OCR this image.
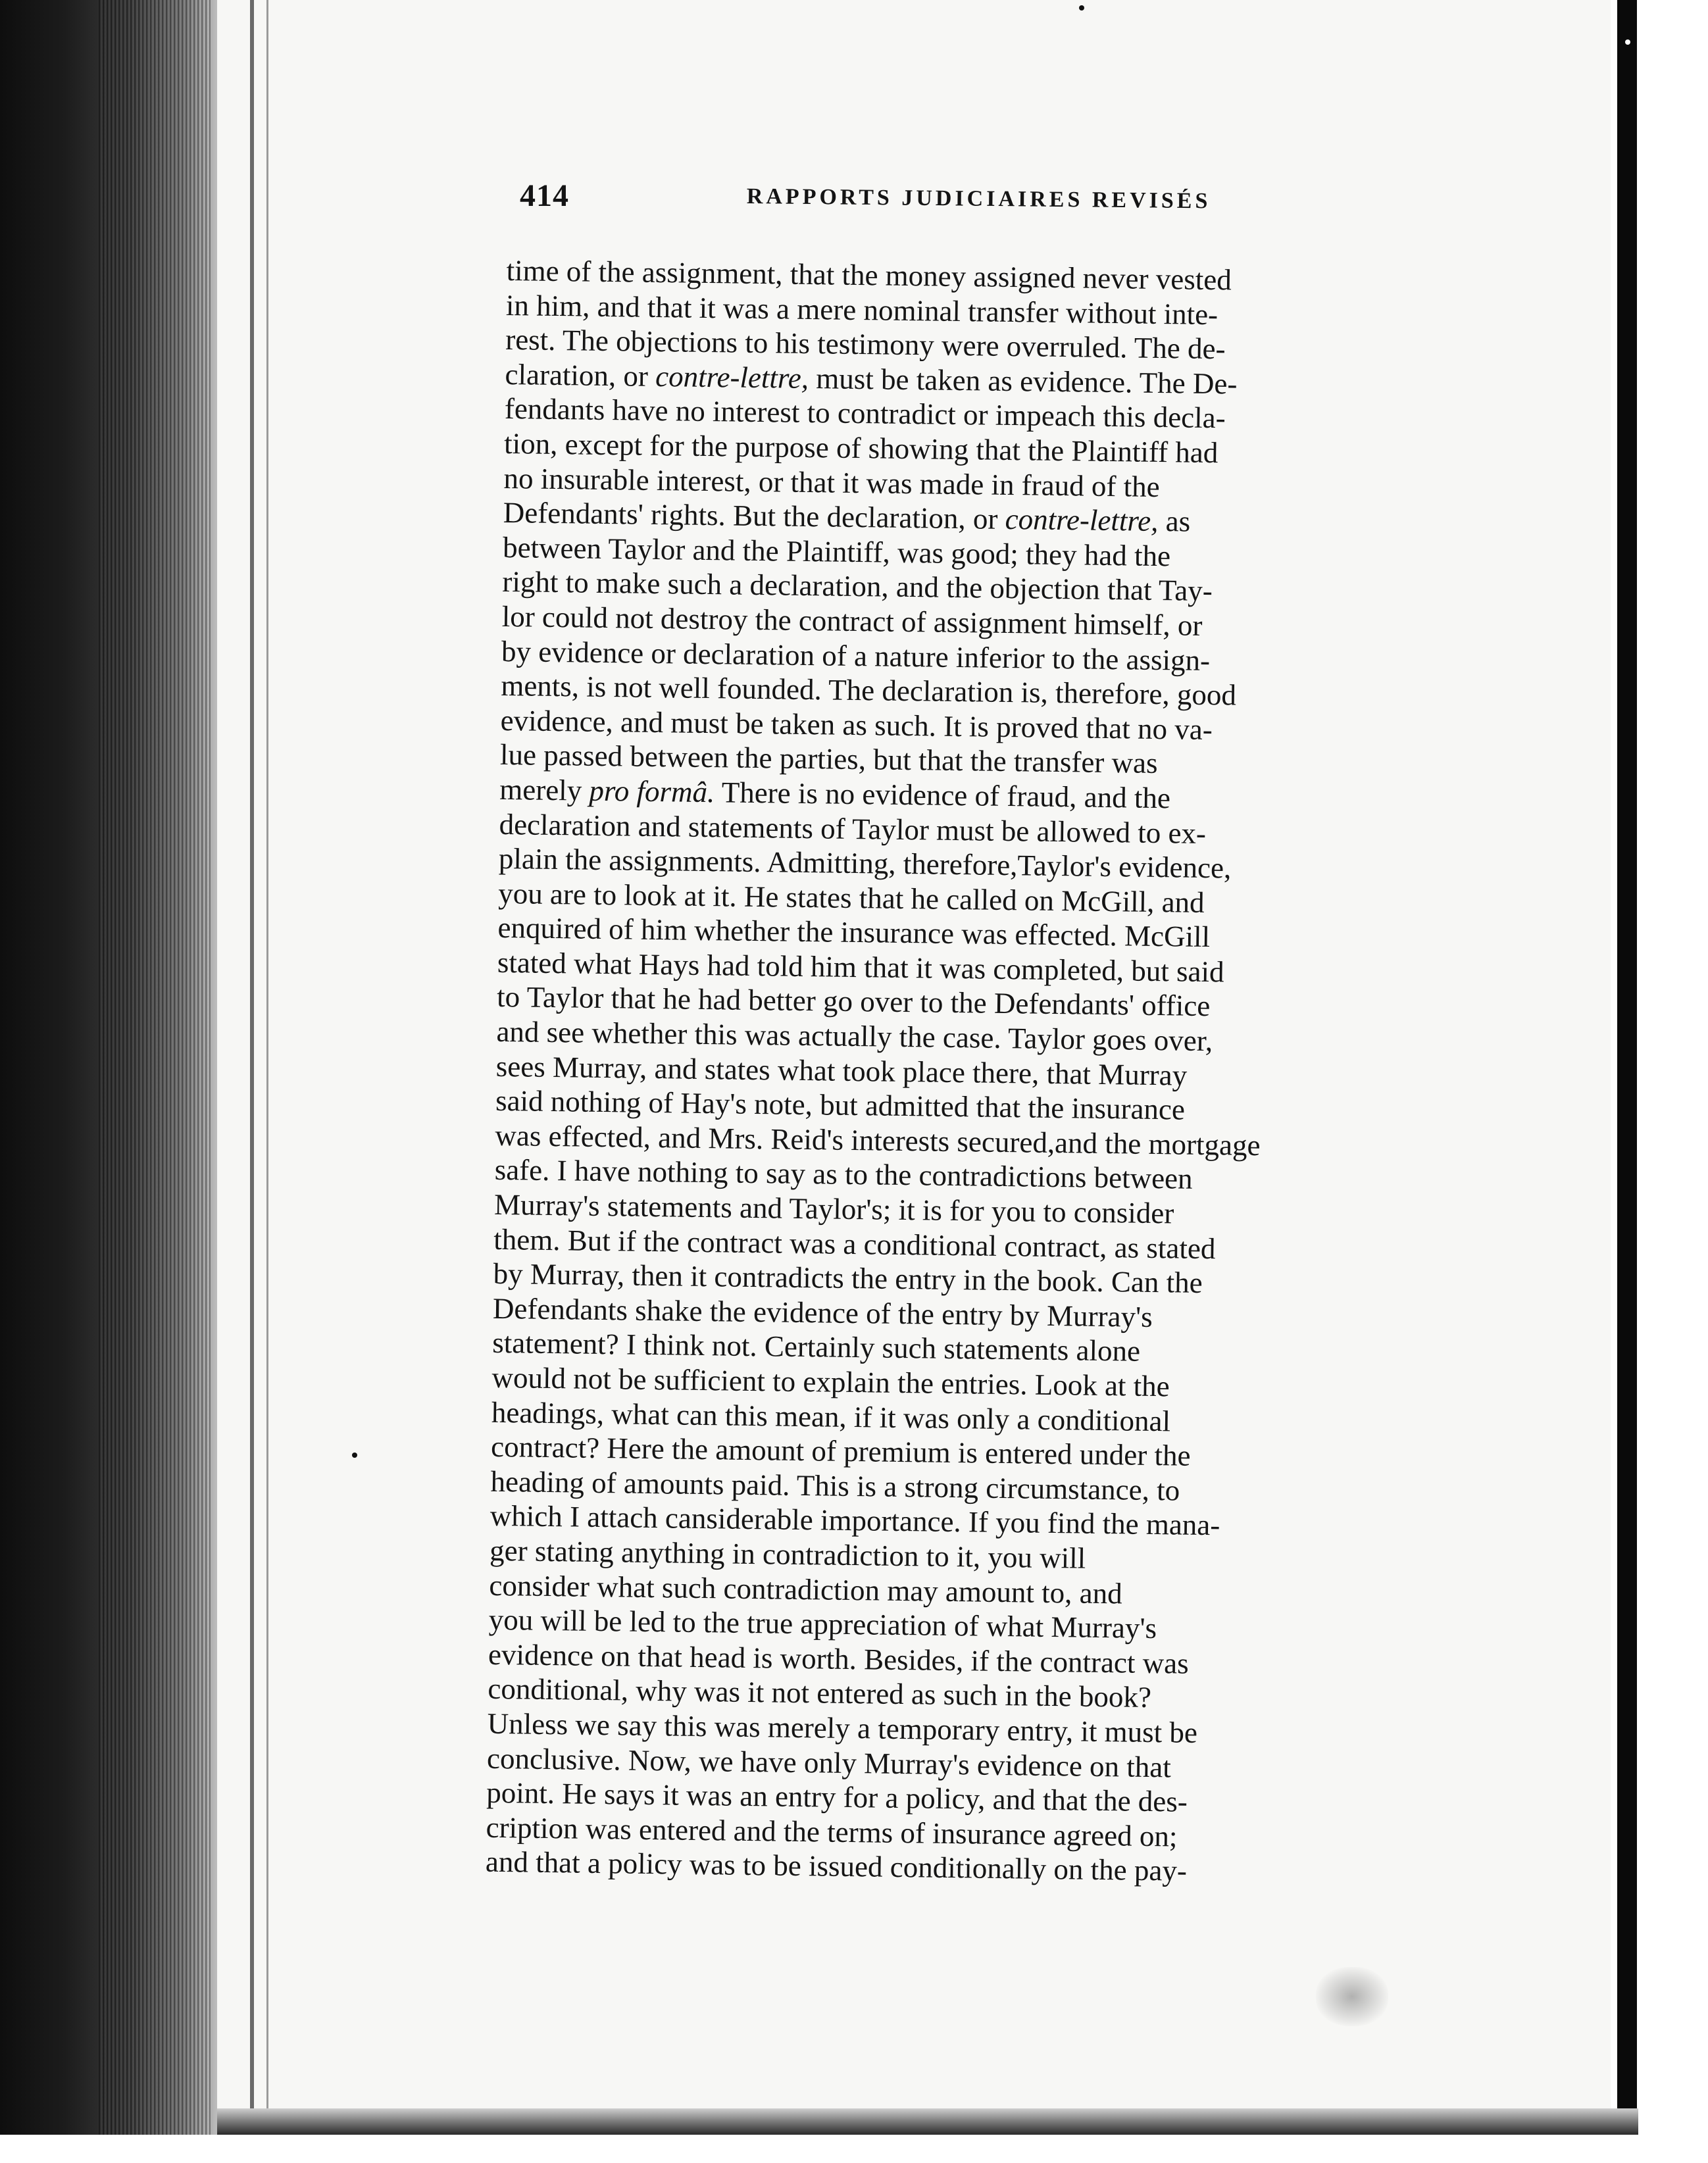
414	RAPPORTS JUDICIAIRES REVISÉS
time of the assignment, that the money assigned never vested
in him, and that it was a mere nominal transfer without inte-
rest. The objections to his testimony were overruled. The de-
claration, or contre-lettre, must be taken as evidence. The De-
fendants have no interest to contradict or impeach this decla-
tion, except for the purpose of showing that the Plaintiff had
no insurable interest, or that it was made in fraud of the
Defendants' rights. But the declaration, or contre-lettre, as
between Taylor and the Plaintiff, was good; they had the
right to make such a declaration, and the objection that Tay-
lor could not destroy the contract of assignment himself, or
by evidence or declaration of a nature inferior to the assign-
ments, is not well founded. The declaration is, therefore, good
evidence, and must be taken as such. It is proved that no va-
lue passed between the parties, but that the transfer was
merely pro formâ. There is no evidence of fraud, and the
declaration and statements of Taylor must be allowed to ex-
plain the assignments. Admitting, therefore,Taylor's evidence,
you are to look at it. He states that he called on McGill, and
enquired of him whether the insurance was effected. McGill
stated what Hays had told him that it was completed, but said
to Taylor that he had better go over to the Defendants' office
and see whether this was actually the case. Taylor goes over,
sees Murray, and states what took place there, that Murray
said nothing of Hay's note, but admitted that the insurance
was effected, and Mrs. Reid's interests secured,and the mortgage
safe. I have nothing to say as to the contradictions between
Murray's statements and Taylor's; it is for you to consider
them. But if the contract was a conditional contract, as stated
by Murray, then it contradicts the entry in the book. Can the
Defendants shake the evidence of the entry by Murray's
statement? I think not. Certainly such statements alone
would not be sufficient to explain the entries. Look at the
headings, what can this mean, if it was only a conditional
contract? Here the amount of premium is entered under the
heading of amounts paid. This is a strong circumstance, to
which I attach cansiderable importance. If you find the mana-
ger stating anything in contradiction to it, you will
consider what such contradiction may amount to, and
you will be led to the true appreciation of what Murray's
evidence on that head is worth. Besides, if the contract was
conditional, why was it not entered as such in the book?
Unless we say this was merely a temporary entry, it must be
conclusive. Now, we have only Murray's evidence on that
point. He says it was an entry for a policy, and that the des-
cription was entered and the terms of insurance agreed on;
and that a policy was to be issued conditionally on the pay-
